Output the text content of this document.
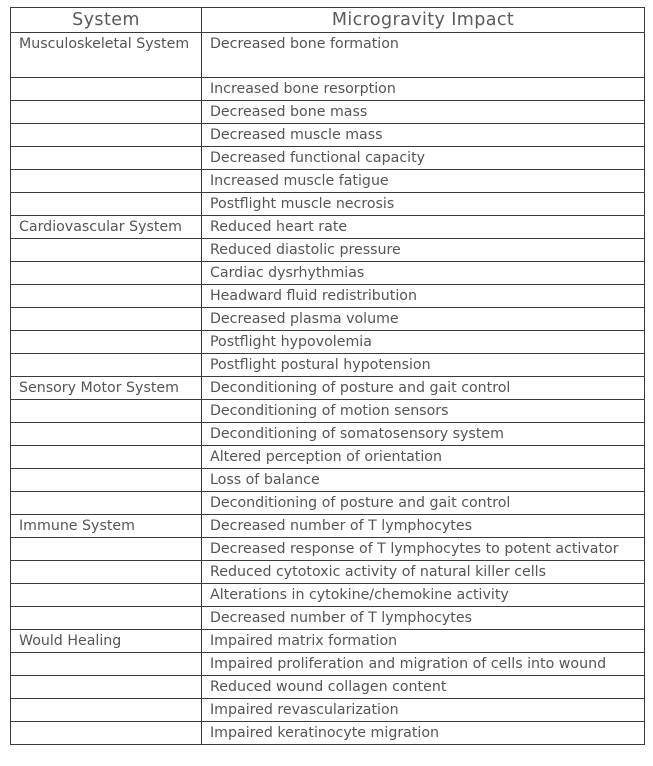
System	Microgravity Impact
Musculoskeletal System	Decreased bone formation
	Increased bone resorption
	Decreased bone mass
	Decreased muscle mass
	Decreased functional capacity
	Increased muscle fatigue
	Postflight muscle necrosis
Cardiovascular System	Reduced heart rate
	Reduced diastolic pressure
	Cardiac dysrhythmias
	Headward fluid redistribution
	Decreased plasma volume
	Postflight hypovolemia
	Postflight postural hypotension
Sensory Motor System	Deconditioning of posture and gait control
	Deconditioning of motion sensors
	Deconditioning of somatosensory system
	Altered perception of orientation
	Loss of balance
	Deconditioning of posture and gait control
Immune System	Decreased number of T lymphocytes
	Decreased response of T lymphocytes to potent activator
	Reduced cytotoxic activity of natural killer cells
	Alterations in cytokine/chemokine activity
	Decreased number of T lymphocytes
Would Healing	Impaired matrix formation
	Impaired proliferation and migration of cells into wound
	Reduced wound collagen content
	Impaired revascularization
	Impaired keratinocyte migration
